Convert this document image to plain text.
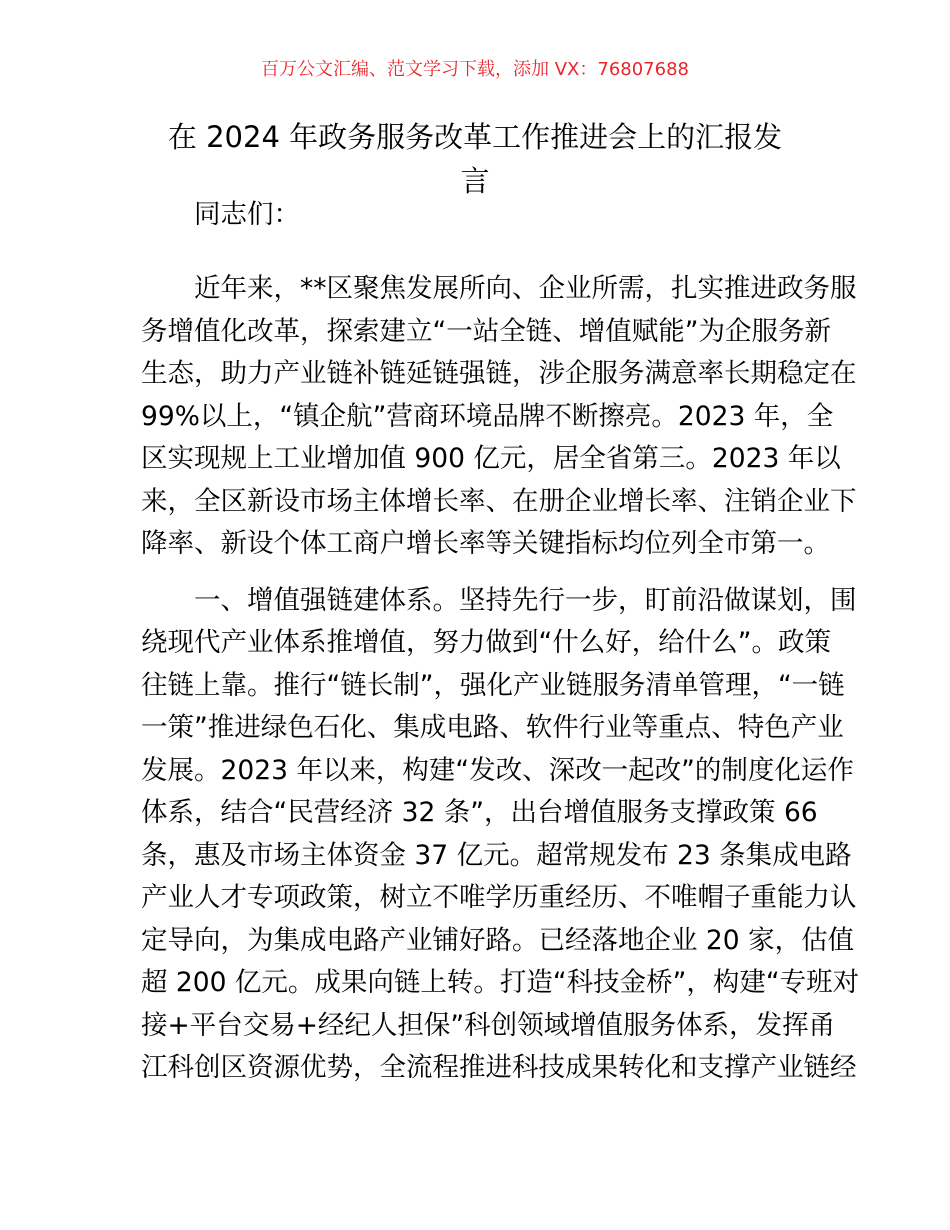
百万公文汇编、范文学习下载，添加 VX：76807688
在 2024 年政务服务改革工作推进会上的汇报发
言
同志们：

近年来，**区聚焦发展所向、企业所需，扎实推进政务服
务增值化改革，探索建立“一站全链、增值赋能”为企服务新
生态，助力产业链补链延链强链，涉企服务满意率长期稳定在
99%以上，“镇企航”营商环境品牌不断擦亮。2023 年，全
区实现规上工业增加值 900 亿元，居全省第三。2023 年以
来，全区新设市场主体增长率、在册企业增长率、注销企业下
降率、新设个体工商户增长率等关键指标均位列全市第一。

一、增值强链建体系。坚持先行一步，盯前沿做谋划，围
绕现代产业体系推增值，努力做到“什么好，给什么”。政策
往链上靠。推行“链长制”，强化产业链服务清单管理，“一链
一策”推进绿色石化、集成电路、软件行业等重点、特色产业
发展。2023 年以来，构建“发改、深改一起改”的制度化运作
体系，结合“民营经济 32 条”，出台增值服务支撑政策 66
条，惠及市场主体资金 37 亿元。超常规发布 23 条集成电路
产业人才专项政策，树立不唯学历重经历、不唯帽子重能力认
定导向，为集成电路产业铺好路。已经落地企业 20 家，估值
超 200 亿元。成果向链上转。打造“科技金桥”，构建“专班对
接+平台交易+经纪人担保”科创领域增值服务体系，发挥甬
江科创区资源优势，全流程推进科技成果转化和支撑产业链经
